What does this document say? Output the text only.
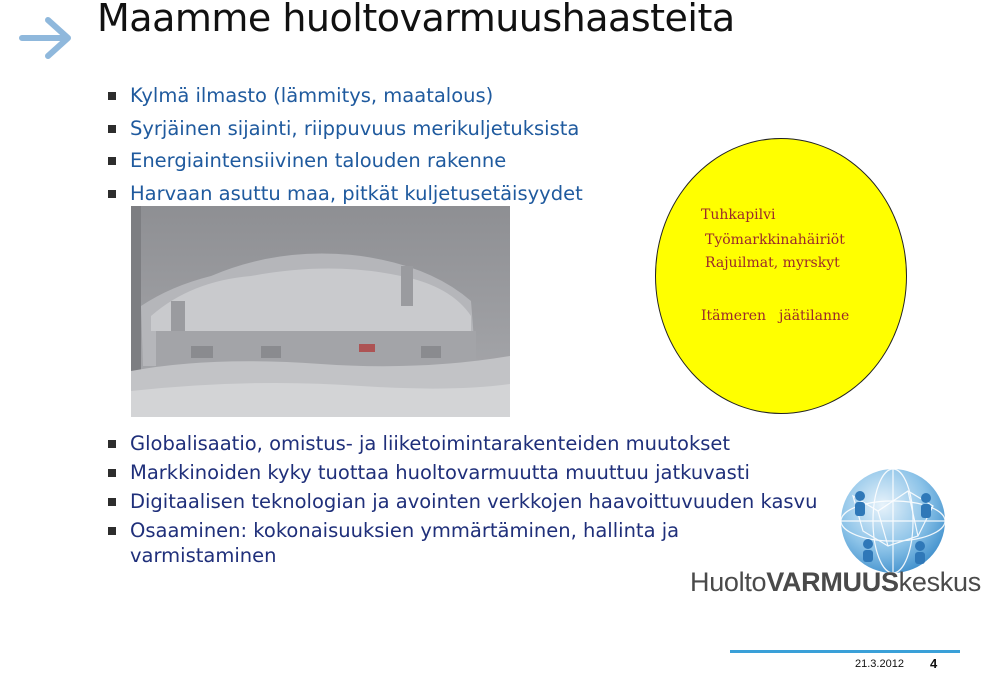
Maamme huoltovarmuushaasteita
Kylmä ilmasto (lämmitys, maatalous)
Syrjäinen sijainti, riippuvuus merikuljetuksista
Energiaintensiivinen talouden rakenne
Harvaan asuttu maa, pitkät kuljetusetäisyydet
Tuhkapilvi
Työmarkkinahäiriöt
Rajuilmat, myrskyt
Itämeren jäätilanne
Globalisaatio, omistus- ja liiketoimintarakenteiden muutokset
Markkinoiden kyky tuottaa huoltovarmuutta muuttuu jatkuvasti
Digitaalisen teknologian ja avointen verkkojen haavoittuvuuden kasvu
Osaaminen: kokonaisuuksien ymmärtäminen, hallinta ja varmistaminen
HuoltoVARMUUSkeskus
21.3.2012 4
